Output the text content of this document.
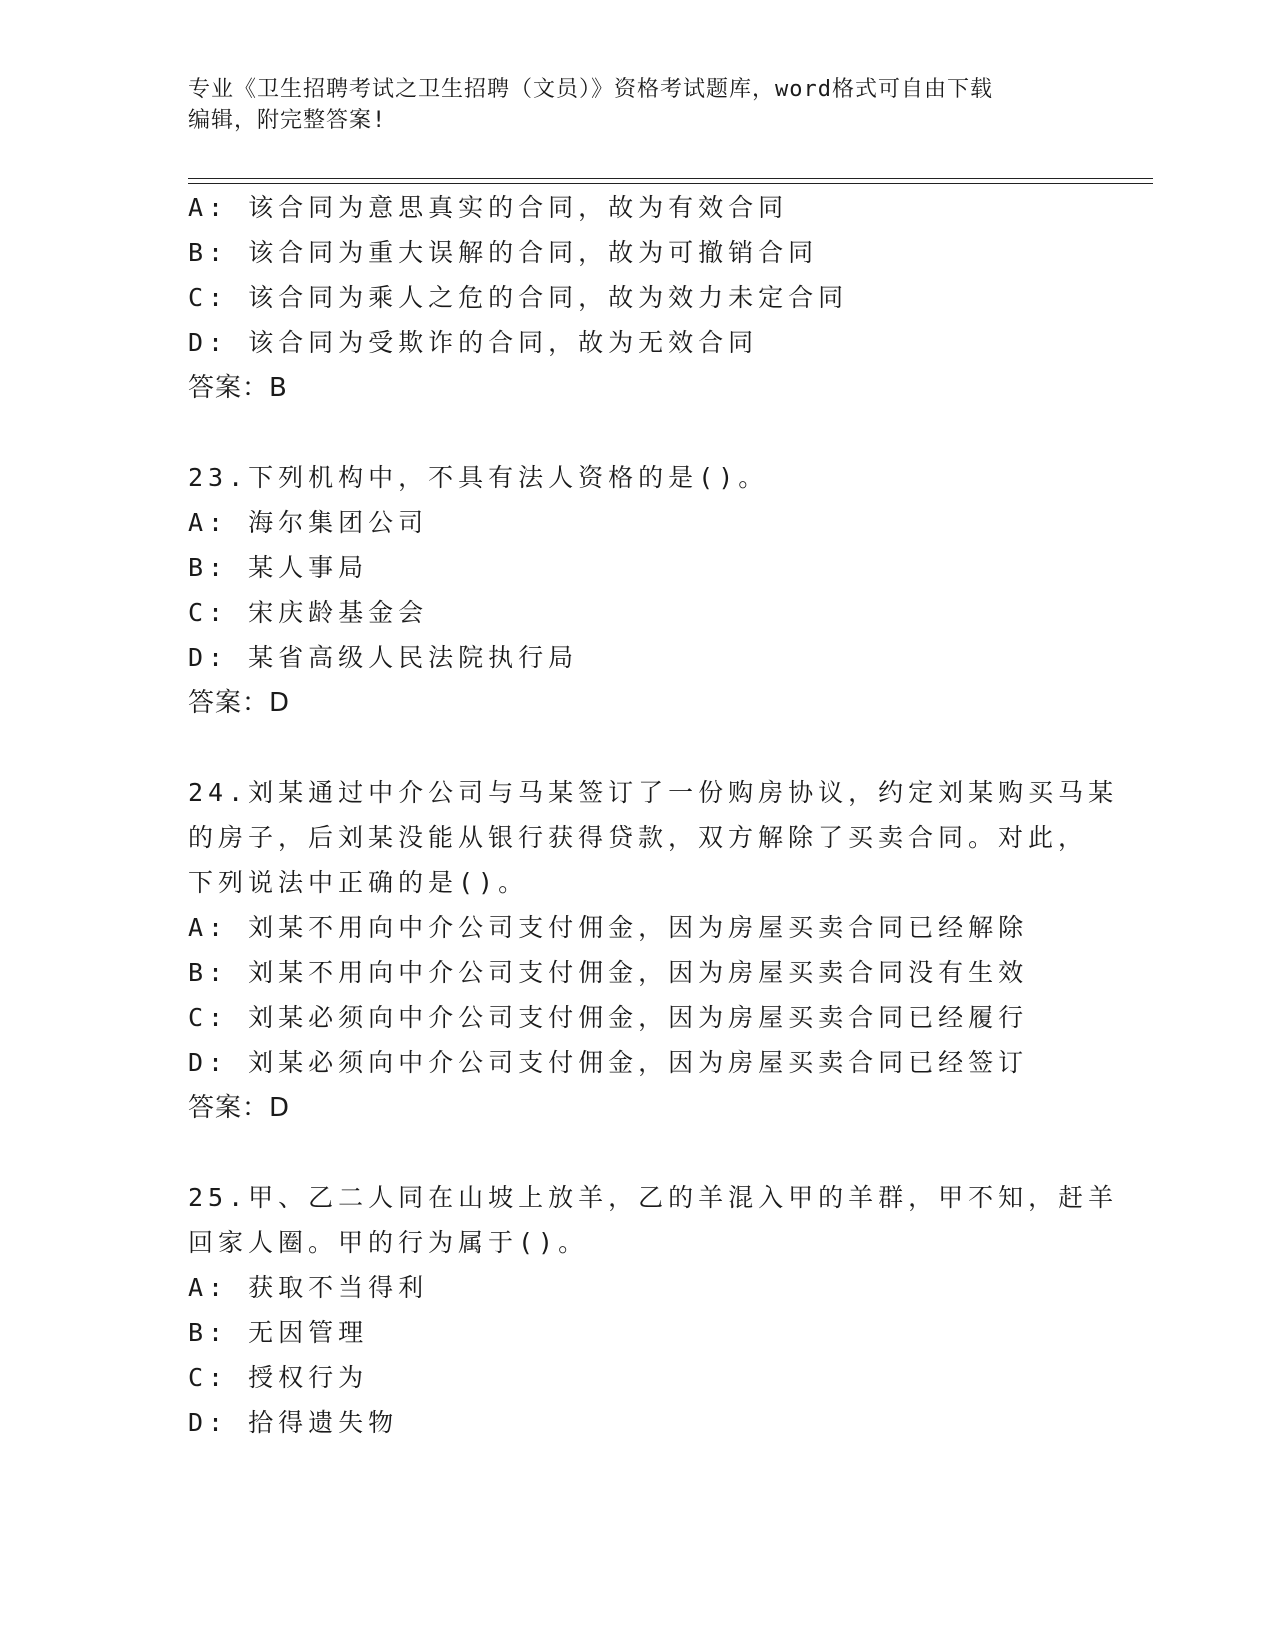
专业《卫生招聘考试之卫生招聘（文员）》资格考试题库，word格式可自由下载
编辑，附完整答案!
A: 该合同为意思真实的合同，故为有效合同
B: 该合同为重大误解的合同，故为可撤销合同
C: 该合同为乘人之危的合同，故为效力未定合同
D: 该合同为受欺诈的合同，故为无效合同
答案：B
23.下列机构中，不具有法人资格的是()。
A: 海尔集团公司
B: 某人事局
C: 宋庆龄基金会
D: 某省高级人民法院执行局
答案：D
24.刘某通过中介公司与马某签订了一份购房协议，约定刘某购买马某
的房子，后刘某没能从银行获得贷款，双方解除了买卖合同。对此，
下列说法中正确的是()。
A: 刘某不用向中介公司支付佣金，因为房屋买卖合同已经解除
B: 刘某不用向中介公司支付佣金，因为房屋买卖合同没有生效
C: 刘某必须向中介公司支付佣金，因为房屋买卖合同已经履行
D: 刘某必须向中介公司支付佣金，因为房屋买卖合同已经签订
答案：D
25.甲、乙二人同在山坡上放羊，乙的羊混入甲的羊群，甲不知，赶羊
回家人圈。甲的行为属于()。
A: 获取不当得利
B: 无因管理
C: 授权行为
D: 拾得遗失物
